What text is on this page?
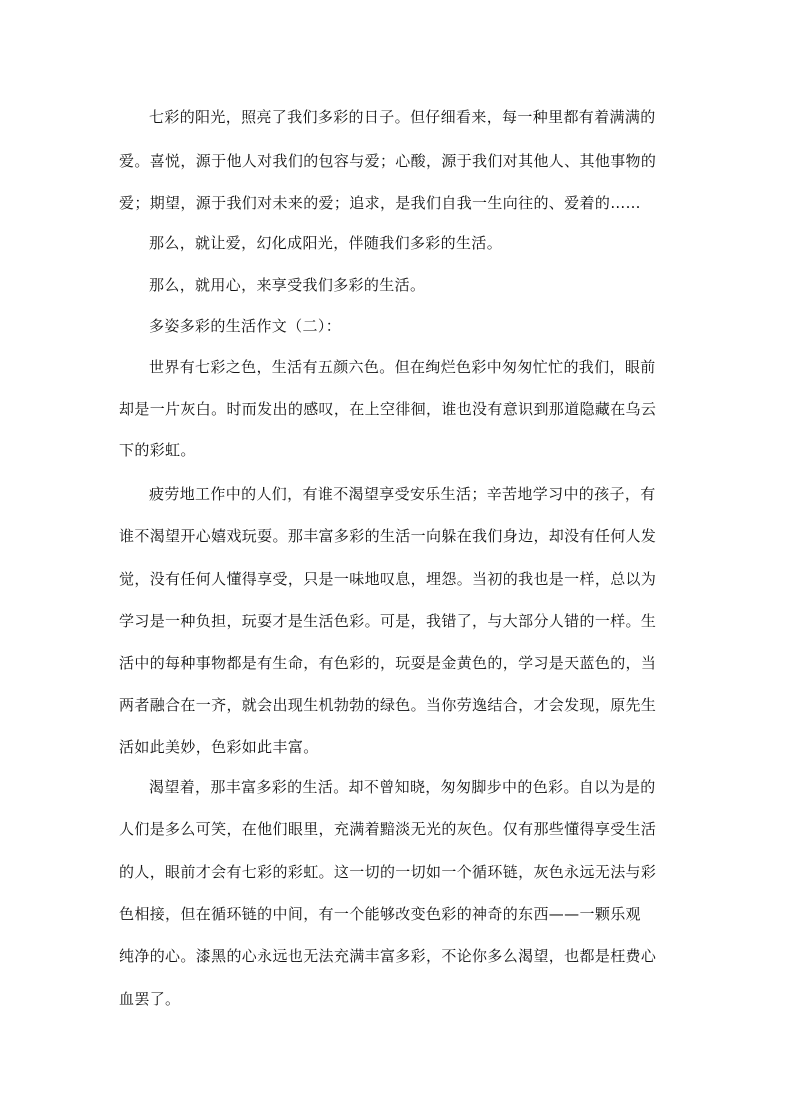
七彩的阳光，照亮了我们多彩的日子。但仔细看来，每一种里都有着满满的
爱。喜悦，源于他人对我们的包容与爱；心酸，源于我们对其他人、其他事物的
爱；期望，源于我们对未来的爱；追求，是我们自我一生向往的、爱着的……
那么，就让爱，幻化成阳光，伴随我们多彩的生活。
那么，就用心，来享受我们多彩的生活。
多姿多彩的生活作文（二）：
世界有七彩之色，生活有五颜六色。但在绚烂色彩中匆匆忙忙的我们，眼前
却是一片灰白。时而发出的感叹，在上空徘徊，谁也没有意识到那道隐藏在乌云
下的彩虹。
疲劳地工作中的人们，有谁不渴望享受安乐生活；辛苦地学习中的孩子，有
谁不渴望开心嬉戏玩耍。那丰富多彩的生活一向躲在我们身边，却没有任何人发
觉，没有任何人懂得享受，只是一味地叹息，埋怨。当初的我也是一样，总以为
学习是一种负担，玩耍才是生活色彩。可是，我错了，与大部分人错的一样。生
活中的每种事物都是有生命，有色彩的，玩耍是金黄色的，学习是天蓝色的，当
两者融合在一齐，就会出现生机勃勃的绿色。当你劳逸结合，才会发现，原先生
活如此美妙，色彩如此丰富。
渴望着，那丰富多彩的生活。却不曾知晓，匆匆脚步中的色彩。自以为是的
人们是多么可笑，在他们眼里，充满着黯淡无光的灰色。仅有那些懂得享受生活
的人，眼前才会有七彩的彩虹。这一切的一切如一个循环链，灰色永远无法与彩
色相接，但在循环链的中间，有一个能够改变色彩的神奇的东西——一颗乐观
纯净的心。漆黑的心永远也无法充满丰富多彩，不论你多么渴望，也都是枉费心
血罢了。
